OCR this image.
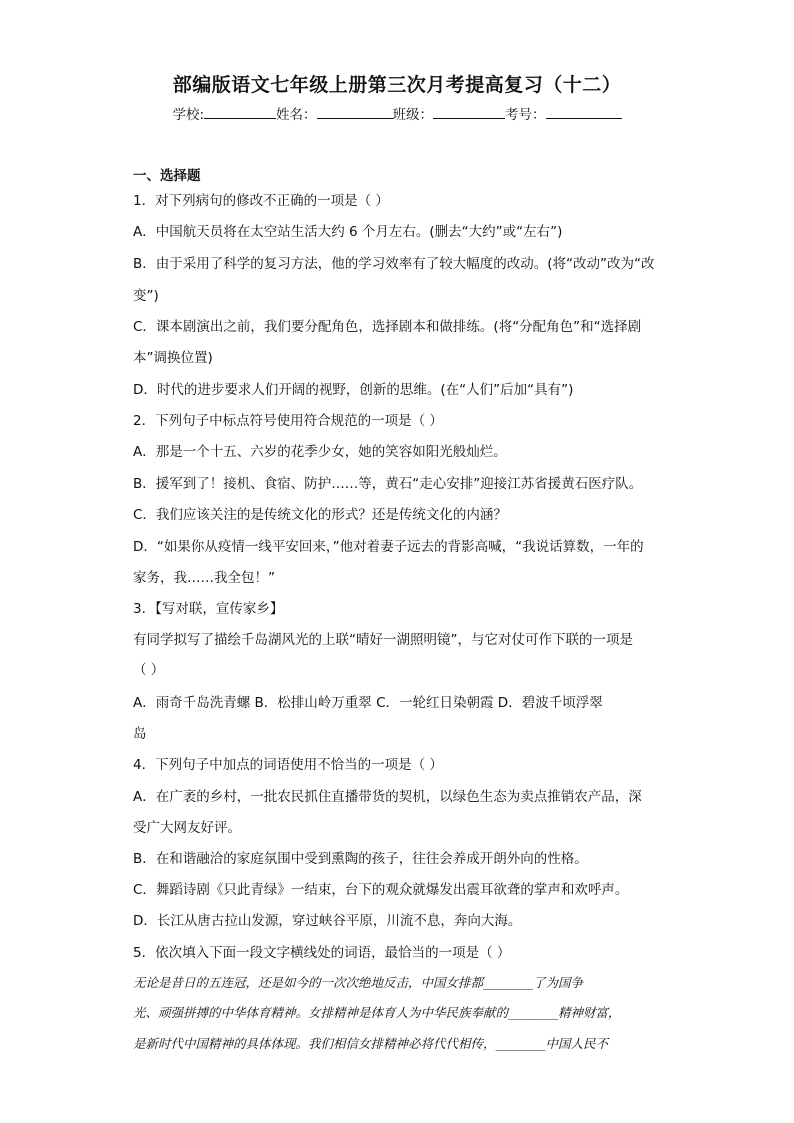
部编版语文七年级上册第三次月考提高复习（十二）
学校:	姓名：	班级：	考号：
一、选择题
1．对下列病句的修改不正确的一项是（ ）
A．中国航天员将在太空站生活大约 6 个月左右。(删去“大约”或“左右”)
B．由于采用了科学的复习方法，他的学习效率有了较大幅度的改动。(将“改动”改为“改
变”)
C．课本剧演出之前，我们要分配角色，选择剧本和做排练。(将“分配角色”和“选择剧
本”调换位置)
D．时代的进步要求人们开阔的视野，创新的思维。(在“人们”后加“具有”)
2．下列句子中标点符号使用符合规范的一项是（ ）
A．那是一个十五、六岁的花季少女，她的笑容如阳光般灿烂。
B．援军到了！接机、食宿、防护……等，黄石“走心安排”迎接江苏省援黄石医疗队。
C．我们应该关注的是传统文化的形式？还是传统文化的内涵？
D．“如果你从疫情一线平安回来，”他对着妻子远去的背影高喊，“我说话算数，一年的
家务，我……我全包！”
3．【写对联，宣传家乡】
有同学拟写了描绘千岛湖风光的上联“晴好一湖照明镜”，与它对仗可作下联的一项是
（ ）
A．雨奇千岛洗青螺 B．松排山岭万重翠 C．一轮红日染朝霞 D．碧波千顷浮翠
岛
4．下列句子中加点的词语使用不恰当的一项是（ ）
A．在广袤的乡村，一批农民抓住直播带货的契机，以绿色生态为卖点推销农产品，深
受广大网友好评。
B．在和谐融洽的家庭氛围中受到熏陶的孩子，往往会养成开朗外向的性格。
C．舞蹈诗剧《只此青绿》一结束，台下的观众就爆发出震耳欲聋的掌声和欢呼声。
D．长江从唐古拉山发源，穿过峡谷平原，川流不息，奔向大海。
5．依次填入下面一段文字横线处的词语，最恰当的一项是（ ）
无论是昔日的五连冠，还是如今的一次次绝地反击，中国女排都________了为国争
光、顽强拼搏的中华体育精神。女排精神是体育人为中华民族奉献的________精神财富，
是新时代中国精神的具体体现。我们相信女排精神必将代代相传，________中国人民不
